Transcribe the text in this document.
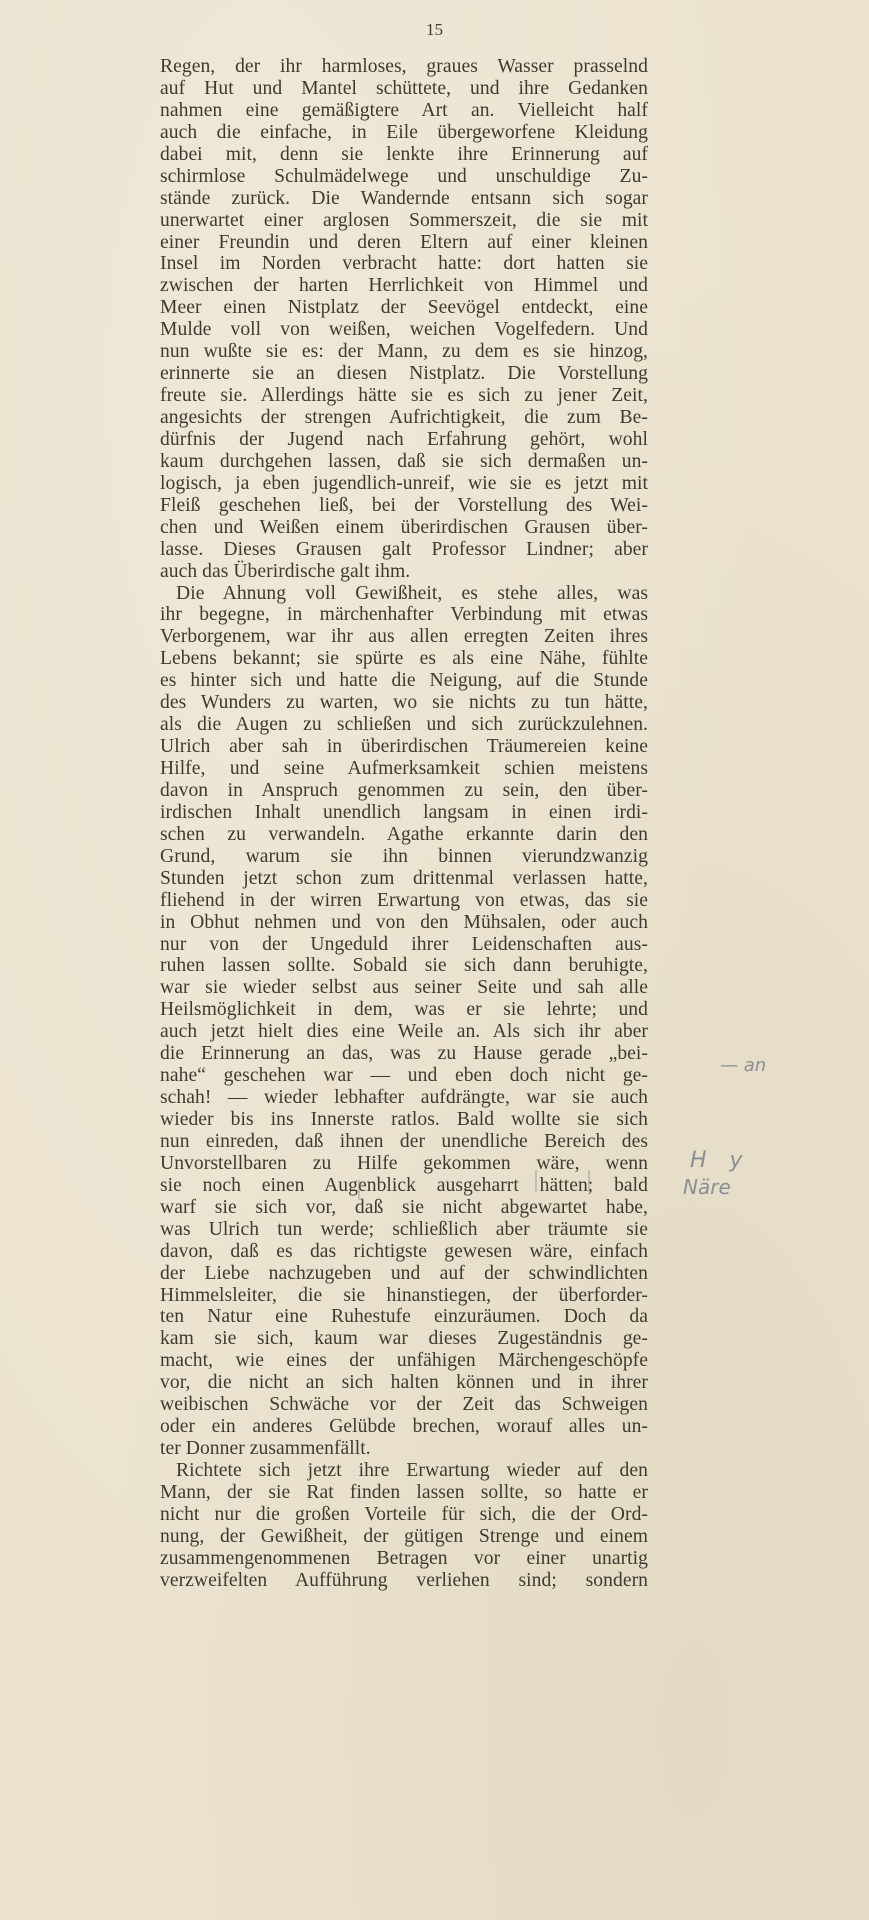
15
Regen, der ihr harmloses, graues Wasser prasselnd
auf Hut und Mantel schüttete, und ihre Gedanken
nahmen eine gemäßigtere Art an. Vielleicht half
auch die einfache, in Eile übergeworfene Kleidung
dabei mit, denn sie lenkte ihre Erinnerung auf
schirmlose Schulmädelwege und unschuldige Zu-
stände zurück. Die Wandernde entsann sich sogar
unerwartet einer arglosen Sommerszeit, die sie mit
einer Freundin und deren Eltern auf einer kleinen
Insel im Norden verbracht hatte: dort hatten sie
zwischen der harten Herrlichkeit von Himmel und
Meer einen Nistplatz der Seevögel entdeckt, eine
Mulde voll von weißen, weichen Vogelfedern. Und
nun wußte sie es: der Mann, zu dem es sie hinzog,
erinnerte sie an diesen Nistplatz. Die Vorstellung
freute sie. Allerdings hätte sie es sich zu jener Zeit,
angesichts der strengen Aufrichtigkeit, die zum Be-
dürfnis der Jugend nach Erfahrung gehört, wohl
kaum durchgehen lassen, daß sie sich dermaßen un-
logisch, ja eben jugendlich-unreif, wie sie es jetzt mit
Fleiß geschehen ließ, bei der Vorstellung des Wei-
chen und Weißen einem überirdischen Grausen über-
lasse. Dieses Grausen galt Professor Lindner; aber
auch das Überirdische galt ihm.
Die Ahnung voll Gewißheit, es stehe alles, was
ihr begegne, in märchenhafter Verbindung mit etwas
Verborgenem, war ihr aus allen erregten Zeiten ihres
Lebens bekannt; sie spürte es als eine Nähe, fühlte
es hinter sich und hatte die Neigung, auf die Stunde
des Wunders zu warten, wo sie nichts zu tun hätte,
als die Augen zu schließen und sich zurückzulehnen.
Ulrich aber sah in überirdischen Träumereien keine
Hilfe, und seine Aufmerksamkeit schien meistens
davon in Anspruch genommen zu sein, den über-
irdischen Inhalt unendlich langsam in einen irdi-
schen zu verwandeln. Agathe erkannte darin den
Grund, warum sie ihn binnen vierundzwanzig
Stunden jetzt schon zum drittenmal verlassen hatte,
fliehend in der wirren Erwartung von etwas, das sie
in Obhut nehmen und von den Mühsalen, oder auch
nur von der Ungeduld ihrer Leidenschaften aus-
ruhen lassen sollte. Sobald sie sich dann beruhigte,
war sie wieder selbst aus seiner Seite und sah alle
Heilsmöglichkeit in dem, was er sie lehrte; und
auch jetzt hielt dies eine Weile an. Als sich ihr aber
die Erinnerung an das, was zu Hause gerade „bei-
nahe“ geschehen war — und eben doch nicht ge-
schah! — wieder lebhafter aufdrängte, war sie auch
wieder bis ins Innerste ratlos. Bald wollte sie sich
nun einreden, daß ihnen der unendliche Bereich des
Unvorstellbaren zu Hilfe gekommen wäre, wenn
sie noch einen Augenblick ausgeharrt hätten; bald
warf sie sich vor, daß sie nicht abgewartet habe,
was Ulrich tun werde; schließlich aber träumte sie
davon, daß es das richtigste gewesen wäre, einfach
der Liebe nachzugeben und auf der schwindlichten
Himmelsleiter, die sie hinanstiegen, der überforder-
ten Natur eine Ruhestufe einzuräumen. Doch da
kam sie sich, kaum war dieses Zugeständnis ge-
macht, wie eines der unfähigen Märchengeschöpfe
vor, die nicht an sich halten können und in ihrer
weibischen Schwäche vor der Zeit das Schweigen
oder ein anderes Gelübde brechen, worauf alles un-
ter Donner zusammenfällt.
Richtete sich jetzt ihre Erwartung wieder auf den
Mann, der sie Rat finden lassen sollte, so hatte er
nicht nur die großen Vorteile für sich, die der Ord-
nung, der Gewißheit, der gütigen Strenge und einem
zusammengenommenen Betragen vor einer unartig
verzweifelten Aufführung verliehen sind; sondern
— an
H y
Näre
